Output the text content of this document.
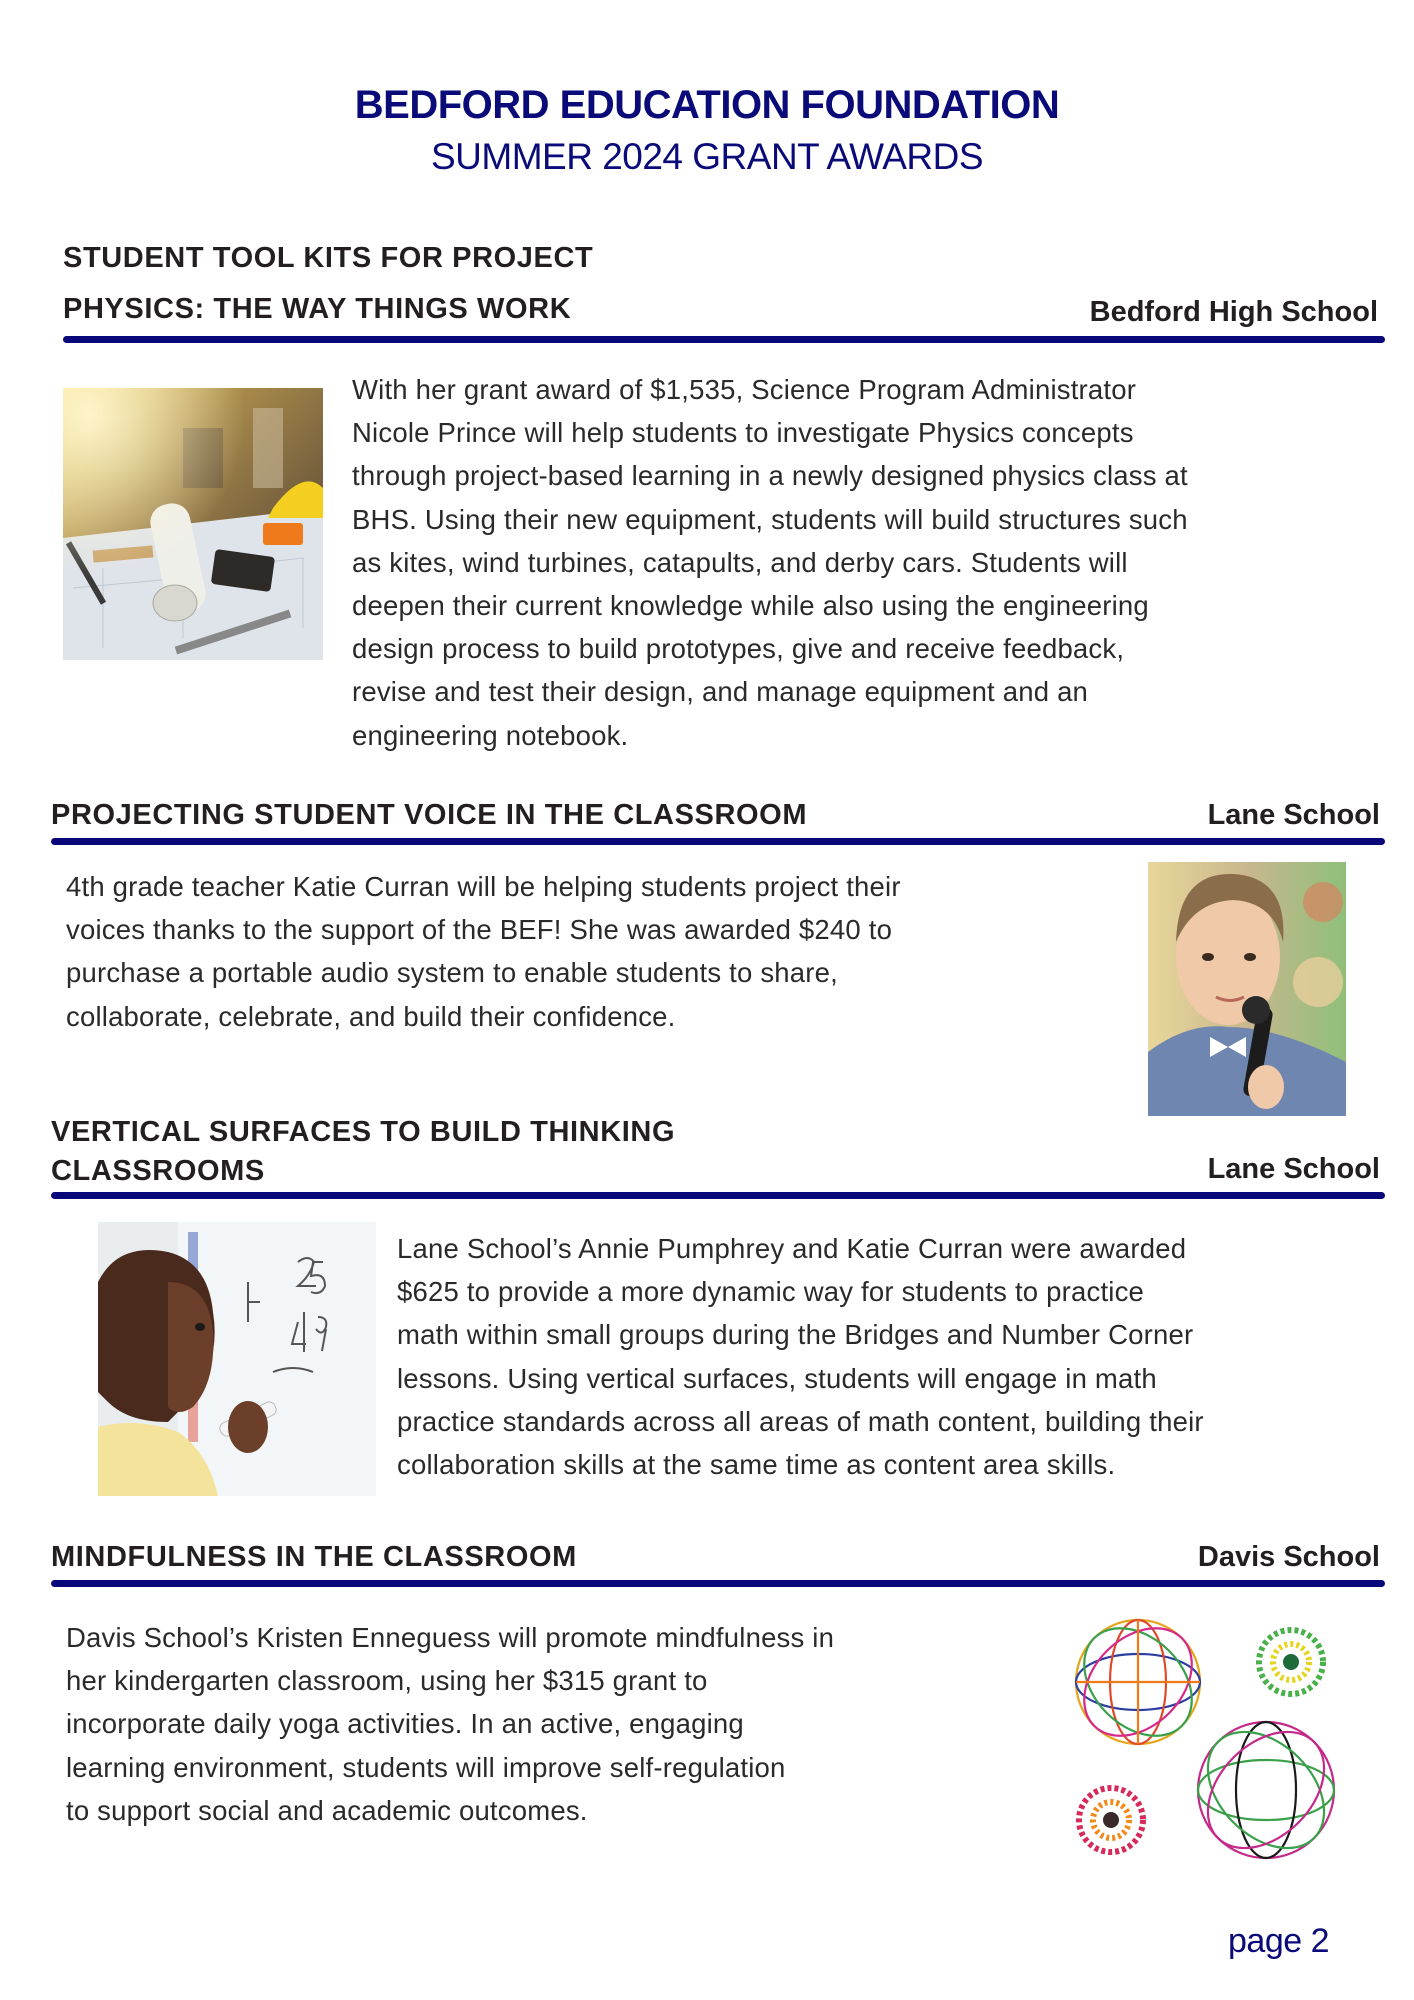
BEDFORD EDUCATION FOUNDATION
SUMMER 2024 GRANT AWARDS
STUDENT TOOL KITS FOR PROJECT
PHYSICS: THE WAY THINGS WORK	Bedford High School

With her grant award of $1,535, Science Program Administrator

Nicole Prince will help students to investigate Physics concepts

through project-based learning in a newly designed physics class at

BHS. Using their new equipment, students will build structures such

as kites, wind turbines, catapults, and derby cars. Students will

deepen their current knowledge while also using the engineering

design process to build prototypes, give and receive feedback,

revise and test their design, and manage equipment and an

engineering notebook.

PROJECTING STUDENT VOICE IN THE CLASSROOM	Lane School

4th grade teacher Katie Curran will be helping students project their

voices thanks to the support of the BEF! She was awarded $240 to

purchase a portable audio system to enable students to share,

collaborate, celebrate, and build their confidence.

VERTICAL SURFACES TO BUILD THINKING
CLASSROOMS	Lane School

Lane School’s Annie Pumphrey and Katie Curran were awarded

$625 to provide a more dynamic way for students to practice

math within small groups during the Bridges and Number Corner

lessons. Using vertical surfaces, students will engage in math

practice standards across all areas of math content, building their

collaboration skills at the same time as content area skills.

MINDFULNESS IN THE CLASSROOM	Davis School

Davis School’s Kristen Enneguess will promote mindfulness in

her kindergarten classroom, using her $315 grant to

incorporate daily yoga activities. In an active, engaging

learning environment, students will improve self-regulation

to support social and academic outcomes.

page 2
